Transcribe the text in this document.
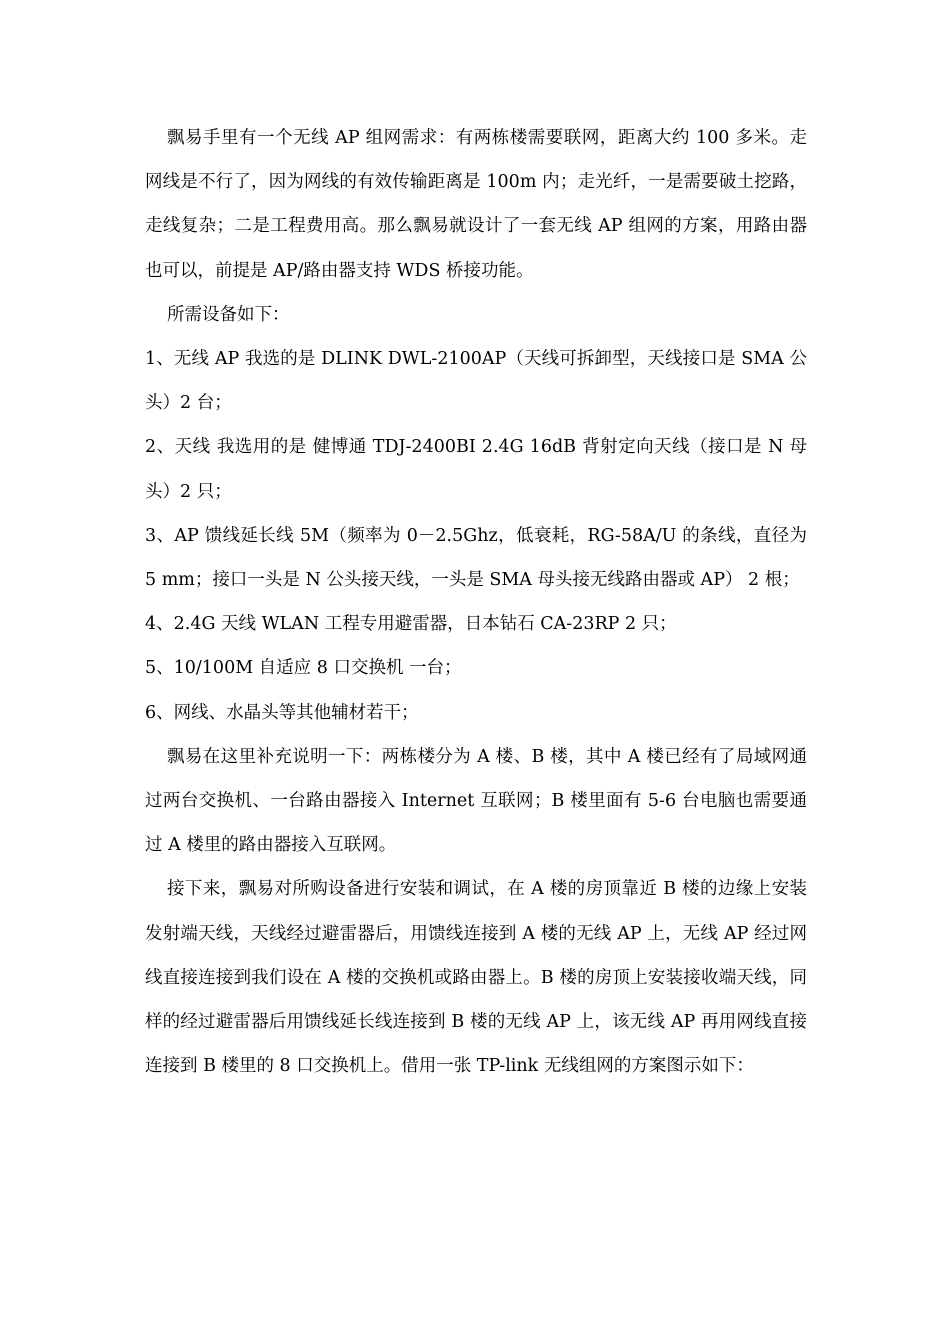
飘易手里有一个无线 AP 组网需求：有两栋楼需要联网，距离大约 100 多米。走网线是不行了，因为网线的有效传输距离是 100m 内；走光纤，一是需要破土挖路，走线复杂；二是工程费用高。那么飘易就设计了一套无线 AP 组网的方案，用路由器也可以，前提是 AP/路由器支持 WDS 桥接功能。

所需设备如下：

1、无线 AP 我选的是 DLINK DWL-2100AP（天线可拆卸型，天线接口是 SMA 公头）2 台；

2、天线 我选用的是 健博通 TDJ-2400BI 2.4G 16dB 背射定向天线（接口是 N 母头）2 只；

3、AP 馈线延长线 5M（频率为 0－2.5Ghz，低衰耗，RG-58A/U 的条线，直径为 5 mm；接口一头是 N 公头接天线，一头是 SMA 母头接无线路由器或 AP） 2 根；

4、2.4G 天线 WLAN 工程专用避雷器，日本钻石 CA-23RP 2 只；

5、10/100M 自适应 8 口交换机 一台；

6、网线、水晶头等其他辅材若干；

飘易在这里补充说明一下：两栋楼分为 A 楼、B 楼，其中 A 楼已经有了局域网通过两台交换机、一台路由器接入 Internet 互联网；B 楼里面有 5-6 台电脑也需要通过 A 楼里的路由器接入互联网。

接下来，飘易对所购设备进行安装和调试，在 A 楼的房顶靠近 B 楼的边缘上安装发射端天线，天线经过避雷器后，用馈线连接到 A 楼的无线 AP 上，无线 AP 经过网线直接连接到我们设在 A 楼的交换机或路由器上。B 楼的房顶上安装接收端天线，同样的经过避雷器后用馈线延长线连接到 B 楼的无线 AP 上，该无线 AP 再用网线直接连接到 B 楼里的 8 口交换机上。借用一张 TP-link 无线组网的方案图示如下：
